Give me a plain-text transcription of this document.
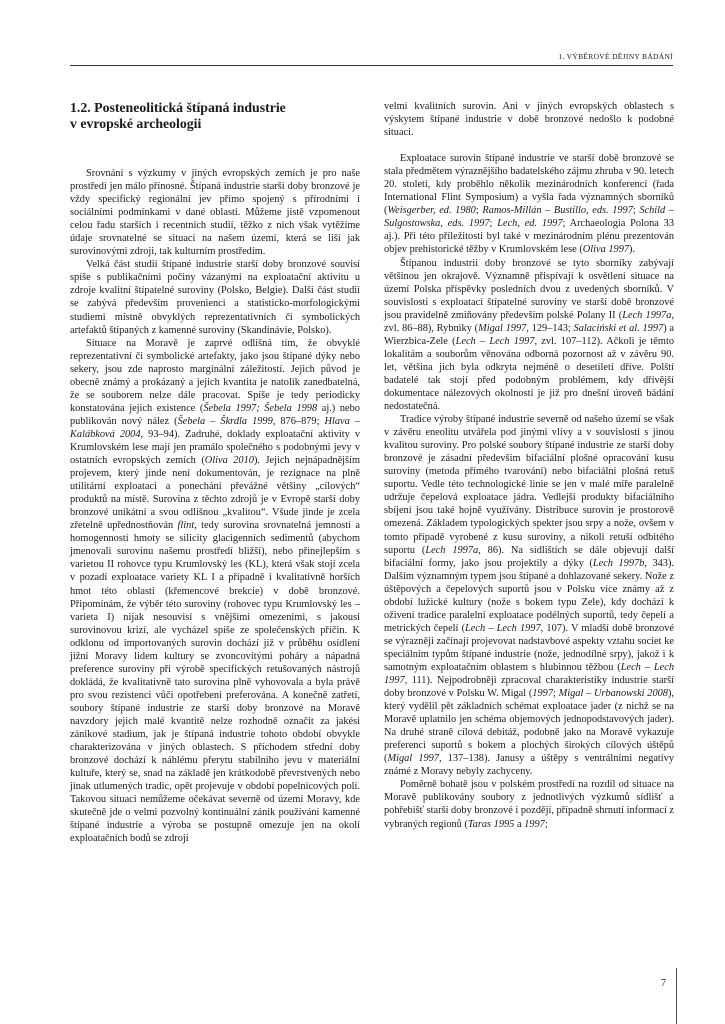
1. VÝBĚROVÉ DĚJINY BÁDÁNÍ
1.2. Posteneolitická štípaná industrie
v evropské archeologii

Srovnání s výzkumy v jiných evropských zemích je pro naše prostředí jen málo přínosné. Štípaná industrie starší doby bronzové je vždy specifický regionální jev přímo spojený s přírodními i sociálními podmínkami v dané oblasti. Můžeme jistě vzpomenout celou řadu starších i recentních studií, těžko z nich však vytěžíme údaje srovnatelné se situací na našem území, která se liší jak surovinovými zdroji, tak kulturním prostředím.

Velká část studií štípané industrie starší doby bronzové souvisí spíše s publikačními počiny vázanými na exploatační aktivitu u zdroje kvalitní štípatelné suroviny (Polsko, Belgie). Další část studií se zabývá především provenienci a statisticko-morfologickými studiemi místně obvyklých reprezentativních či symbolických artefaktů štípaných z kamenné suroviny (Skandinávie, Polsko).

Situace na Moravě je zaprvé odlišná tím, že obvyklé reprezentativní či symbolické artefakty, jako jsou štípané dýky nebo sekery, jsou zde naprosto marginální záležitostí. Jejich původ je obecně známý a prokázaný a jejich kvantita je natolik zanedbatelná, že se souborem nelze dále pracovat. Spíše je tedy periodicky konstatována jejich existence (Šebela 1997; Šebela 1998 aj.) nebo publikován nový nález (Šebela – Škrdla 1999, 876–879; Hlava – Kalábková 2004, 93–94). Zadruhé, doklady exploatační aktivity v Krumlovském lese mají jen pramálo společného s podobnými jevy v ostatních evropských zemích (Oliva 2010). Jejich nejnápadnějším projevem, který jinde není dokumentován, je rezignace na plně utilitární exploataci a ponechání převážné většiny „cílových“ produktů na místě. Surovina z těchto zdrojů je v Evropě starší doby bronzové unikátní a svou odlišnou „kvalitou“. Všude jinde je zcela zřetelně upřednostňován flint, tedy surovina srovnatelná jemností a homogenností hmoty se silicity glacigenních sedimentů (abychom jmenovali surovinu našemu prostředí bližší), nebo přinejlepším s varietou II rohovce typu Krumlovský les (KL), která však stojí zcela v pozadí exploatace variety KL I a případně i kvalitativně horších hmot této oblasti (křemencové brekcie) v době bronzové. Připomínám, že výběr této suroviny (rohovec typu Krumlovský les – varieta I) nijak nesouvisí s vnějšími omezeními, s jakousi surovinovou krizí, ale vycházel spíše ze společenských příčin. K odklonu od importovaných surovin dochází již v průběhu osídlení jižní Moravy lidem kultury se zvoncovitými poháry a nápadná preference suroviny při výrobě specifických retušovaných nástrojů dokládá, že kvalitativně tato surovina plně vyhovovala a byla právě pro svou rezistenci vůči opotřebení preferována. A konečně zatřetí, soubory štípané industrie ze starší doby bronzové na Moravě navzdory jejich malé kvantitě nelze rozhodně označit za jakési zánikové stadium, jak je štípaná industrie tohoto období obvykle charakterizována v jiných oblastech. S příchodem střední doby bronzové dochází k náhlému přerytu stabilního jevu v materiální kultuře, který se, snad na základě jen krátkodobě převrstvených nebo jinak utlumených tradic, opět projevuje v období popelnicových polí. Takovou situaci nemůžeme očekávat severně od území Moravy, kde skutečně jde o velmi pozvolný kontinuální zánik používání kamenné štípané industrie a výroba se postupně omezuje jen na okolí exploatačních bodů se zdrojí

velmi kvalitních surovin. Ani v jiných evropských oblastech s výskytem štípané industrie v době bronzové nedošlo k podobné situaci.

Exploatace surovin štípané industrie ve starší době bronzové se stala předmětem výraznějšího badatelského zájmu zhruba v 90. letech 20. století, kdy proběhlo několik mezinárodních konferencí (řada International Flint Symposium) a vyšla řada významných sborníků (Weisgerber, ed. 1980; Ramos-Millán – Bustillo, eds. 1997; Schild – Sulgostowska, eds. 1997; Lech, ed. 1997; Archaeologia Polona 33 aj.). Při této příležitosti byl také v mezinárodním plénu prezentován objev prehistorické těžby v Krumlovském lese (Oliva 1997).

Štípanou industrii doby bronzové se tyto sborníky zabývají většinou jen okrajově. Významně přispívají k osvětlení situace na území Polska příspěvky posledních dvou z uvedených sborníků. V souvislosti s exploatací štípatelné suroviny ve starší době bronzové jsou pravidelně zmiňovány především polské Polany II (Lech 1997a, zvl. 86–88), Rybniky (Migal 1997, 129–143; Salaciński et al. 1997) a Wierzbica-Zele (Lech – Lech 1997, zvl. 107–112). Ačkoli je těmto lokalitám a souborům věnována odborná pozornost až v závěru 90. let, většina jich byla odkryta nejméně o desetiletí dříve. Polští badatelé tak stojí před podobným problémem, kdy dřívější dokumentace nálezových okolností je již pro dnešní úroveň bádání nedostatečná.

Tradice výroby štípané industrie severně od našeho území se však v závěru eneolitu utvářela pod jinými vlivy a v souvislosti s jinou kvalitou suroviny. Pro polské soubory štípané industrie ze starší doby bronzové je zásadní především bifaciální plošné opracování kusu suroviny (metoda přímého tvarování) nebo bifaciální plošná retuš suportu. Vedle této technologické linie se jen v malé míře paralelně udržuje čepelová exploatace jádra. Vedlejší produkty bifaciálního sbíjení jsou také hojně využívány. Distribuce surovin je prostorově omezená. Základem typologických spekter jsou srpy a nože, ovšem v tomto případě vyrobené z kusu suroviny, a nikoli retuší odbitého suportu (Lech 1997a, 86). Na sídlištích se dále objevují další bifaciální formy, jako jsou projektily a dýky (Lech 1997b, 343). Dalším významným typem jsou štípané a dohlazované sekery. Nože z úštěpových a čepelových suportů jsou v Polsku více známy až z období lužické kultury (nože s bokem typu Zele), kdy dochází k oživení tradice paralelní exploatace podélných suportů, tedy čepelí a metrických čepelí (Lech – Lech 1997, 107). V mladší době bronzové se výrazněji začínají projevovat nadstavbové aspekty vztahu societ ke speciálním typům štípané industrie (nože, jednodílné srpy), jakož i k samotným exploatačním oblastem s hlubinnou těžbou (Lech – Lech 1997, 111). Nejpodrobněji zpracoval charakteristiky industrie starší doby bronzové v Polsku W. Migal (1997; Migal – Urbanowski 2008), který vydělil pět základních schémat exploatace jader (z nichž se na Moravě uplatnilo jen schéma objemových jednopodstavových jader). Na druhé straně cílová debitáž, podobně jako na Moravě vykazuje preferenci suportů s bokem a plochých širokých cílových úštěpů (Migal 1997, 137–138). Janusy a úštěpy s ventrálními negativy známé z Moravy nebyly zachyceny.

Poměrně bohatě jsou v polském prostředí na rozdíl od situace na Moravě publikovány soubory z jednotlivých výzkumů sídlišť a pohřebišť starší doby bronzové i později, případně shrnutí informací z vybraných regionů (Taras 1995 a 1997;

7
